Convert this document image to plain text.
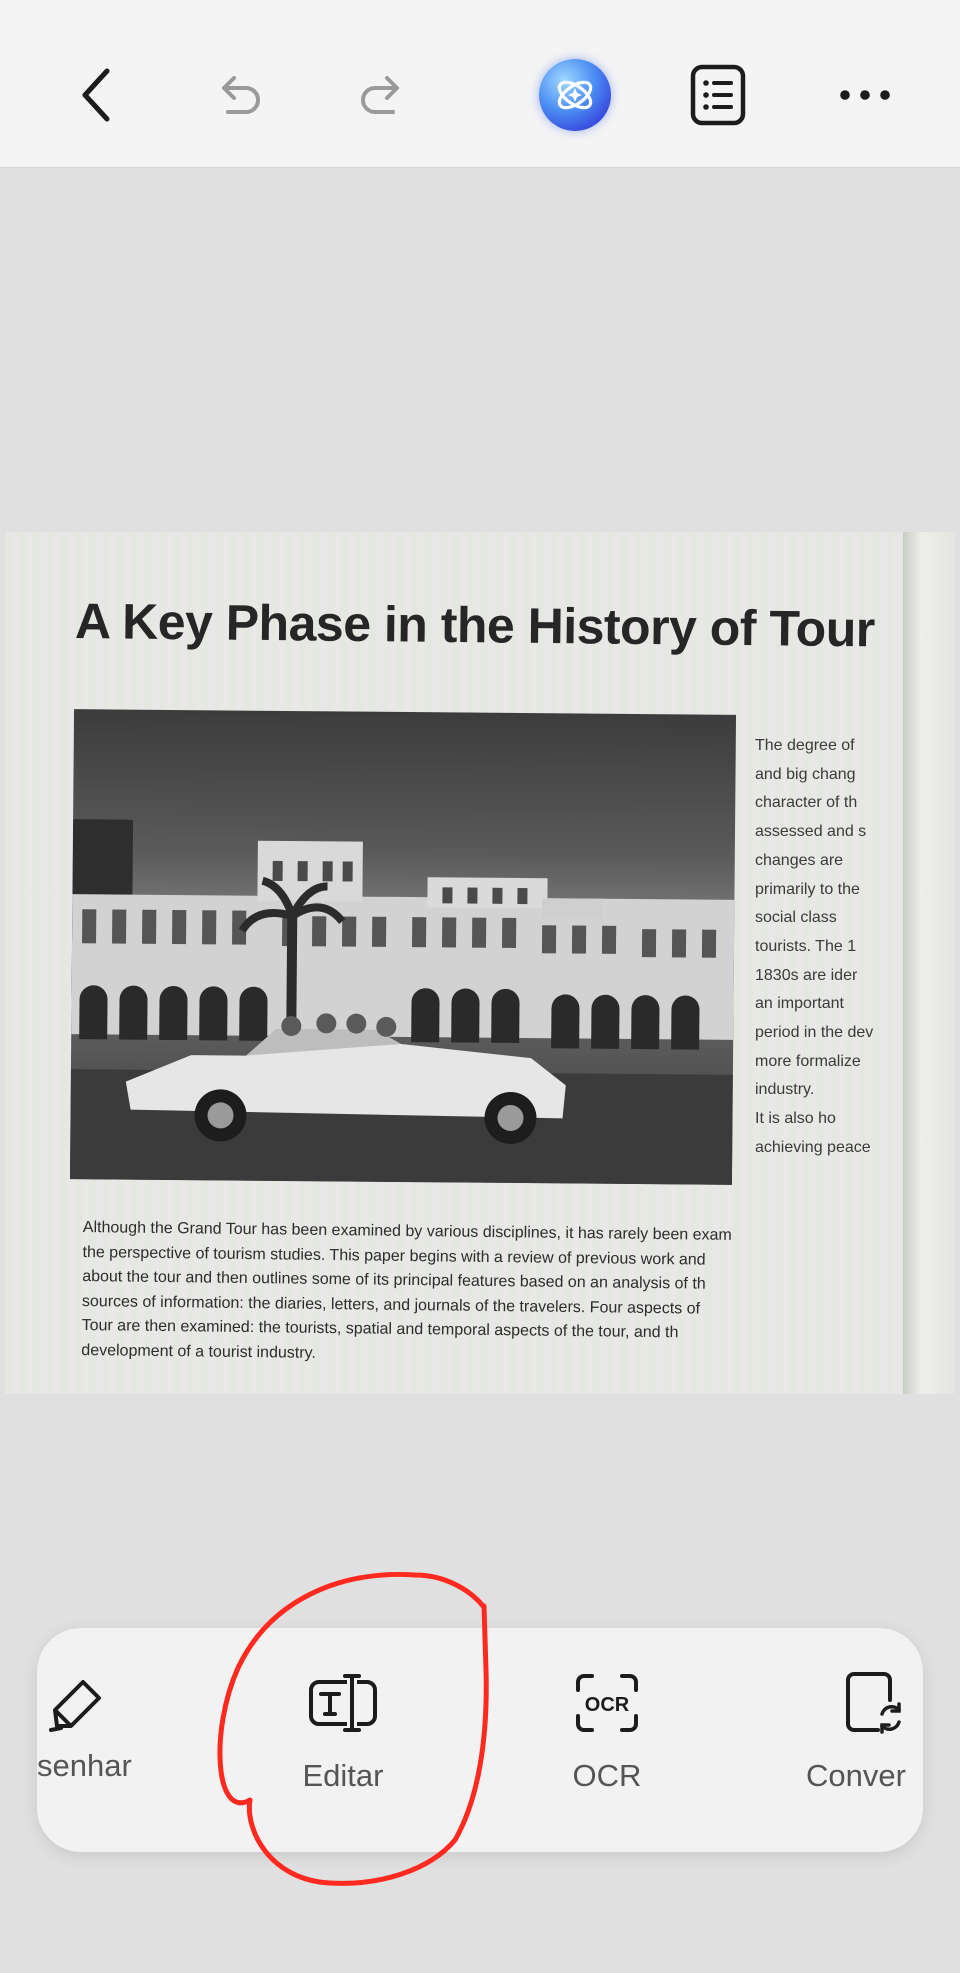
A Key Phase in the History of Tour
The degree of
and big chang
character of th
assessed and s
changes are
primarily to the
social class
tourists. The 1
1830s are ider
an important
period in the dev
more formalize
industry.
It is also ho
achieving peace
Although the Grand Tour has been examined by various disciplines, it has rarely been exam
the perspective of tourism studies. This paper begins with a review of previous work and
about the tour and then outlines some of its principal features based on an analysis of th
sources of information: the diaries, letters, and journals of the travelers. Four aspects of
Tour are then examined: the tourists, spatial and temporal aspects of the tour, and th
development of a tourist industry.
senhar	Editar
OCR
OCR	Conver
